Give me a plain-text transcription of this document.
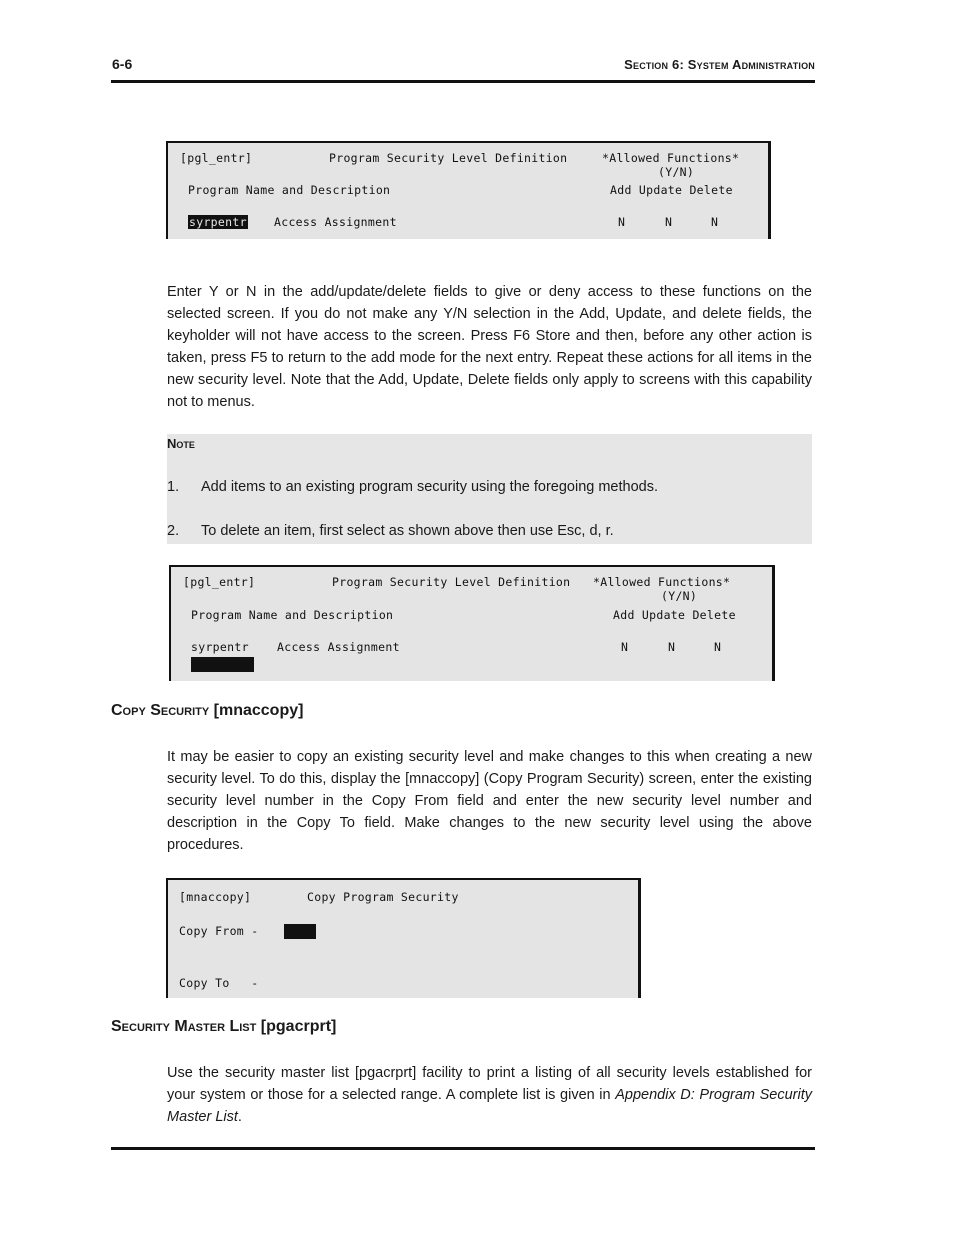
6-6	Section 6: System Administration
[pgl_entr]	Program Security Level Definition	*Allowed Functions*
(Y/N)
Program Name and Description	Add Update Delete
syrpentr Access Assignment	N	N	N
Enter Y or N in the add/update/delete fields to give or deny access to these functions on the selected screen. If you do not make any Y/N selection in the Add, Update, and delete fields, the keyholder will not have access to the screen. Press F6 Store and then, before any other action is taken, press F5 to return to the add mode for the next entry. Repeat these actions for all items in the new security level. Note that the Add, Update, Delete fields only apply to screens with this capability not to menus.
Note
1. Add items to an existing program security using the foregoing methods.
2. To delete an item, first select as shown above then use Esc, d, r.
[pgl_entr]	Program Security Level Definition *Allowed Functions*
(Y/N)
Program Name and Description	Add Update Delete
syrpentr Access Assignment	N	N	N
Copy Security [mnaccopy]
It may be easier to copy an existing security level and make changes to this when creating a new security level. To do this, display the [mnaccopy] (Copy Program Security) screen, enter the existing security level number in the Copy From field and enter the new security level number and description in the Copy To field. Make changes to the new security level using the above procedures.
[mnaccopy]	Copy Program Security
Copy From -
Copy To   -
Security Master List [pgacrprt]
Use the security master list [pgacrprt] facility to print a listing of all security levels established for your system or those for a selected range. A complete list is given in Appendix D: Program Security Master List.
